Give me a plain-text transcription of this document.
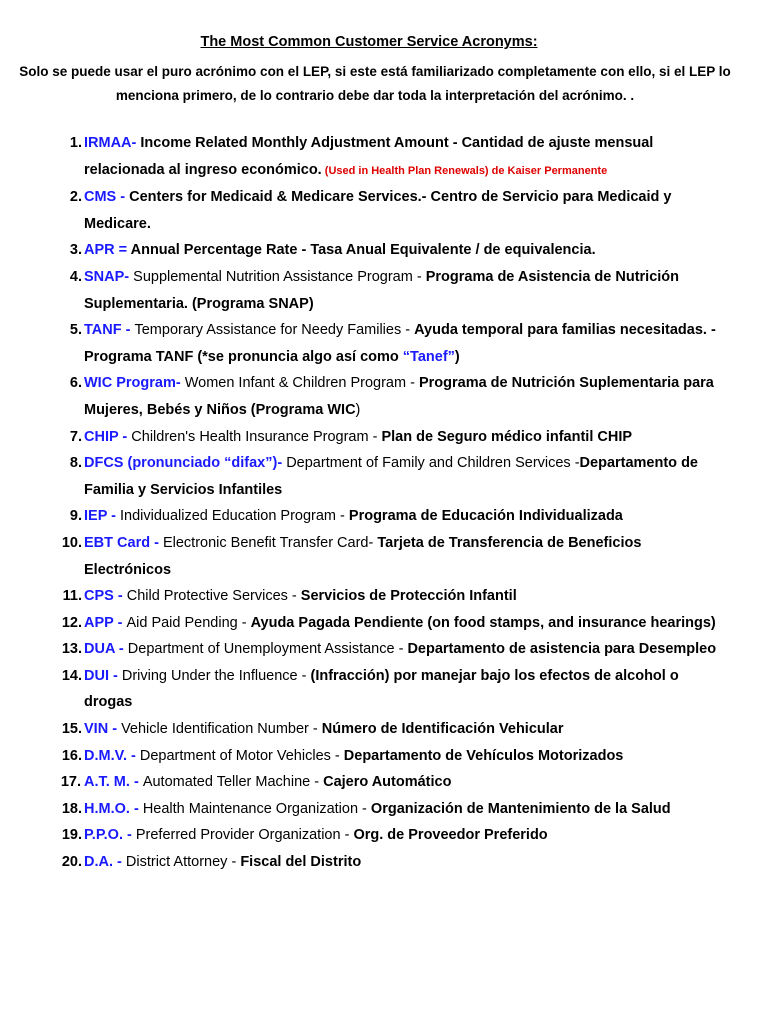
The Most Common Customer Service Acronyms:
Solo se puede usar el puro acrónimo con el LEP, si este está familiarizado completamente con ello, si el LEP lo menciona primero, de lo contrario debe dar toda la interpretación del acrónimo. .
1. IRMAA- Income Related Monthly Adjustment Amount - Cantidad de ajuste mensual relacionada al ingreso económico. (Used in Health Plan Renewals) de Kaiser Permanente
2. CMS - Centers for Medicaid & Medicare Services.- Centro de Servicio para Medicaid y Medicare.
3. APR = Annual Percentage Rate - Tasa Anual Equivalente / de equivalencia.
4. SNAP- Supplemental Nutrition Assistance Program - Programa de Asistencia de Nutrición Suplementaria. (Programa SNAP)
5. TANF - Temporary Assistance for Needy Families - Ayuda temporal para familias necesitadas. -Programa TANF (*se pronuncia algo así como “Tanef”)
6. WIC Program- Women Infant & Children Program - Programa de Nutrición Suplementaria para Mujeres, Bebés y Niños (Programa WIC)
7. CHIP - Children's Health Insurance Program - Plan de Seguro médico infantil CHIP
8. DFCS (pronunciado “difax”)- Department of Family and Children Services -Departamento de Familia y Servicios Infantiles
9. IEP - Individualized Education Program - Programa de Educación Individualizada
10. EBT Card - Electronic Benefit Transfer Card- Tarjeta de Transferencia de Beneficios Electrónicos
11. CPS - Child Protective Services - Servicios de Protección Infantil
12. APP - Aid Paid Pending - Ayuda Pagada Pendiente (on food stamps, and insurance hearings)
13. DUA - Department of Unemployment Assistance - Departamento de asistencia para Desempleo
14. DUI - Driving Under the Influence - (Infracción) por manejar bajo los efectos de alcohol o drogas
15. VIN - Vehicle Identification Number - Número de Identificación Vehicular
16. D.M.V. - Department of Motor Vehicles - Departamento de Vehículos Motorizados
17. A.T. M. - Automated Teller Machine - Cajero Automático
18. H.M.O. - Health Maintenance Organization - Organización de Mantenimiento de la Salud
19. P.P.O. - Preferred Provider Organization - Org. de Proveedor Preferido
20. D.A. - District Attorney - Fiscal del Distrito
